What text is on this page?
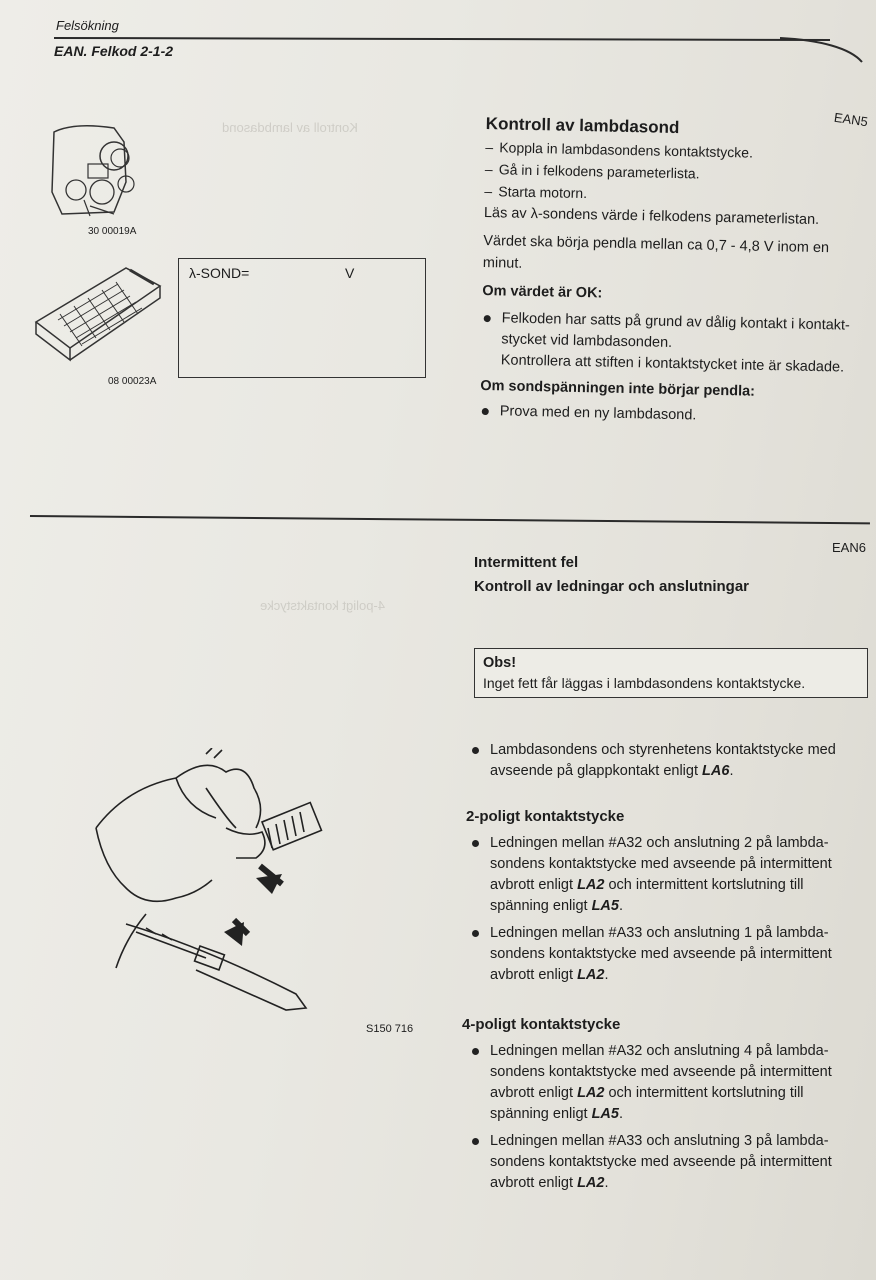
Kontroll av lambdasond
4-poligt kontaktstycke
Felsökning
EAN. Felkod 2-1-2
30 00019A
08 00023A
λ-SOND=	V
EAN5
Kontroll av lambdasond
– Koppla in lambdasondens kontaktstycke.
– Gå in i felkodens parameterlista.
– Starta motorn.
Läs av λ-sondens värde i felkodens parameterlistan.
Värdet ska börja pendla mellan ca 0,7 - 4,8 V inom en
minut.
Om värdet är OK:
Felkoden har satts på grund av dålig kontakt i kontakt-
stycket vid lambdasonden.
Kontrollera att stiften i kontaktstycket inte är skadade.
Om sondspänningen inte börjar pendla:
Prova med en ny lambdasond.
EAN6
Intermittent fel
Kontroll av ledningar och anslutningar
Obs!
Inget fett får läggas i lambdasondens kontaktstycke.
S150 716
Lambdasondens och styrenhetens kontaktstycke med
avseende på glappkontakt enligt LA6.
2-poligt kontaktstycke
Ledningen mellan #A32 och anslutning 2 på lambda-
sondens kontaktstycke med avseende på intermittent
avbrott enligt LA2 och intermittent kortslutning till
spänning enligt LA5.
Ledningen mellan #A33 och anslutning 1 på lambda-
sondens kontaktstycke med avseende på intermittent
avbrott enligt LA2.
4-poligt kontaktstycke
Ledningen mellan #A32 och anslutning 4 på lambda-
sondens kontaktstycke med avseende på intermittent
avbrott enligt LA2 och intermittent kortslutning till
spänning enligt LA5.
Ledningen mellan #A33 och anslutning 3 på lambda-
sondens kontaktstycke med avseende på intermittent
avbrott enligt LA2.
